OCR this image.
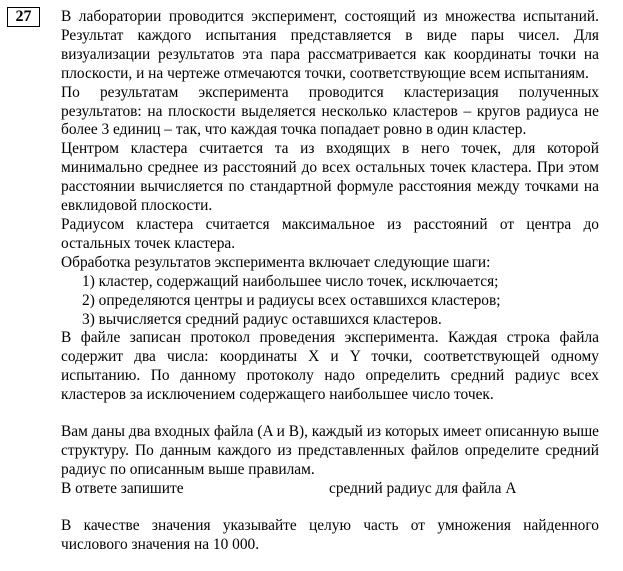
27	В лаборатории проводится эксперимент, состоящий из множества испытаний. Результат каждого испытания представляется в виде пары чисел. Для визуализации результатов эта пара рассматривается как координаты точки на плоскости, и на чертеже отмечаются точки, соответствующие всем испытаниям.

По результатам эксперимента проводится кластеризация полученных результатов: на плоскости выделяется несколько кластеров – кругов радиуса не более 3 единиц – так, что каждая точка попадает ровно в один кластер.

Центром кластера считается та из входящих в него точек, для которой минимально среднее из расстояний до всех остальных точек кластера. При этом расстоянии вычисляется по стандартной формуле расстояния между точками на евклидовой плоскости.

Радиусом кластера считается максимальное из расстояний от центра до остальных точек кластера.

Обработка результатов эксперимента включает следующие шаги:

1) кластер, содержащий наибольшее число точек, исключается;
2) определяются центры и радиусы всех оставшихся кластеров;
3) вычисляется средний радиус оставшихся кластеров.

В файле записан протокол проведения эксперимента. Каждая строка файла содержит два числа: координаты X и Y точки, соответствующей одному испытанию. По данному протоколу надо определить средний радиус всех кластеров за исключением содержащего наибольшее число точек.

Вам даны два входных файла (A и B), каждый из которых имеет описанную выше структуру. По данным каждого из представленных файлов определите средний радиус по описанным выше правилам.

В ответе запишите	средний радиус для файла A

В качестве значения указывайте целую часть от умножения найденного числового значения на 10 000.
